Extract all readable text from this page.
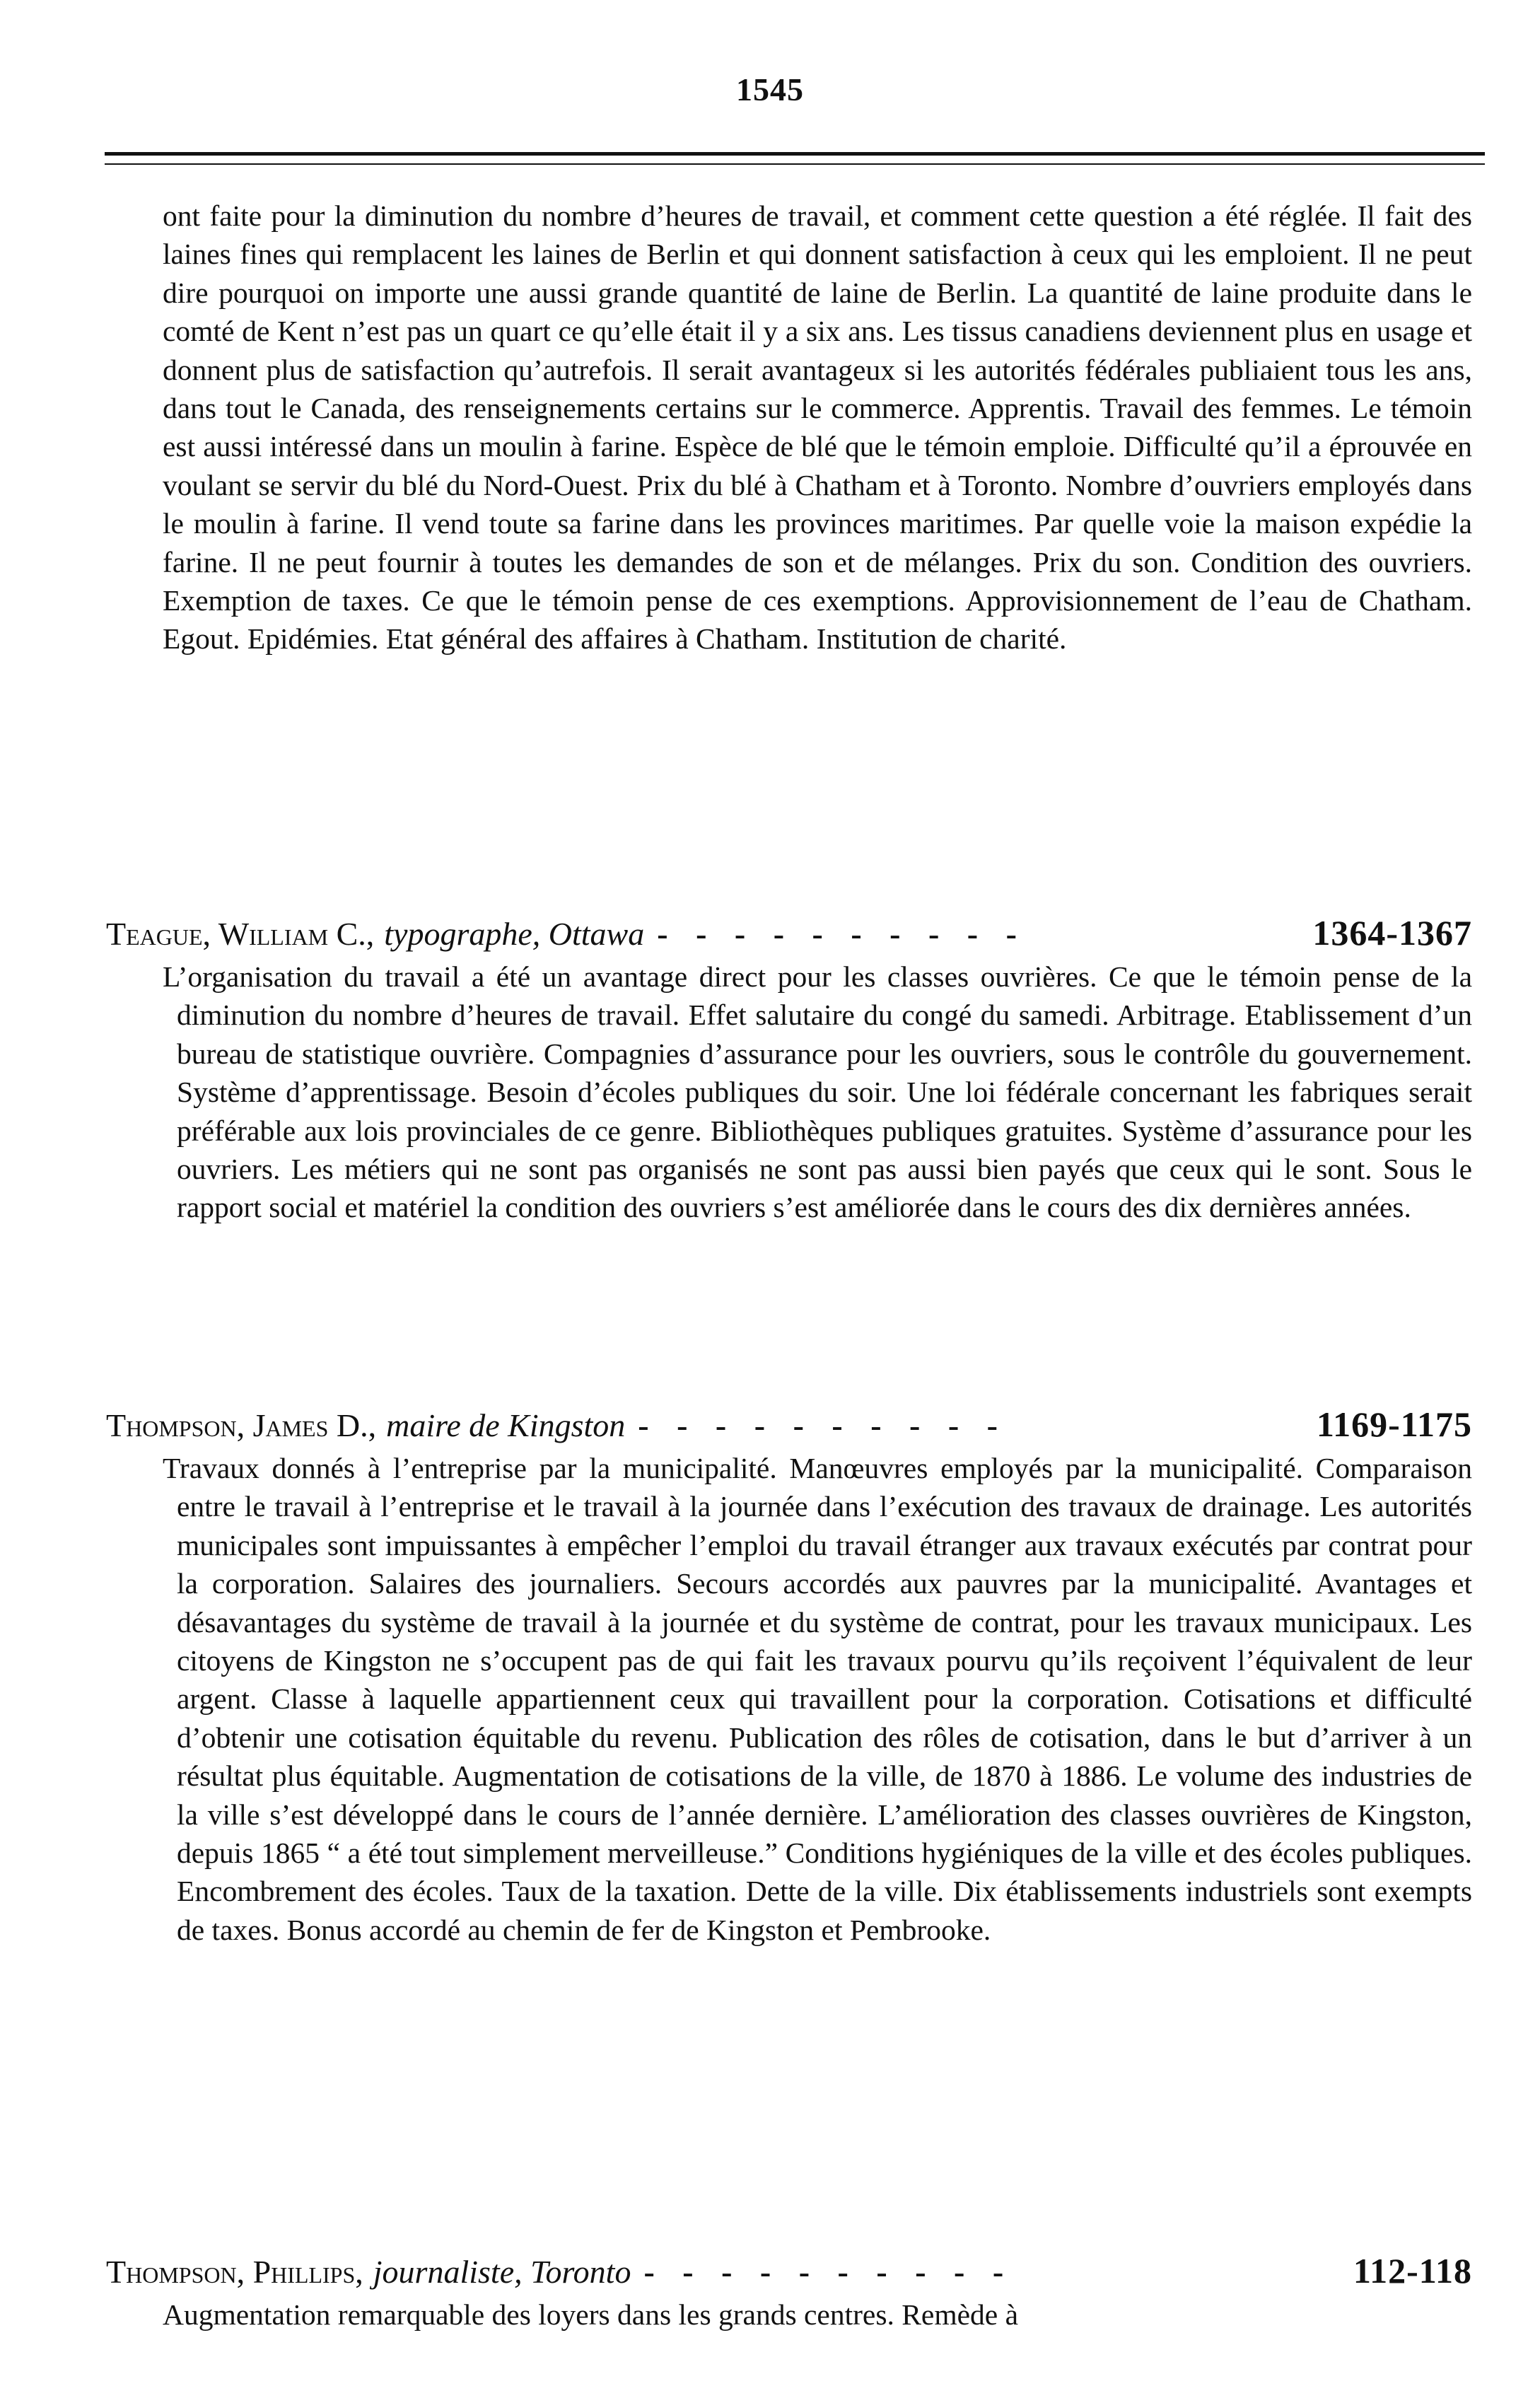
1545
ont faite pour la diminution du nombre d’heures de travail, et comment cette question a été réglée. Il fait des laines fines qui remplacent les laines de Berlin et qui donnent satisfaction à ceux qui les emploient. Il ne peut dire pourquoi on importe une aussi grande quantité de laine de Berlin. La quantité de laine produite dans le comté de Kent n’est pas un quart ce qu’elle était il y a six ans. Les tissus canadiens deviennent plus en usage et donnent plus de satisfaction qu’autrefois. Il serait avantageux si les autorités fédérales publiaient tous les ans, dans tout le Canada, des renseignements certains sur le commerce. Apprentis. Travail des femmes. Le témoin est aussi intéressé dans un moulin à farine. Espèce de blé que le témoin emploie. Difficulté qu’il a éprouvée en voulant se servir du blé du Nord-Ouest. Prix du blé à Chatham et à Toronto. Nombre d’ouvriers employés dans le moulin à farine. Il vend toute sa farine dans les provinces maritimes. Par quelle voie la maison expédie la farine. Il ne peut fournir à toutes les demandes de son et de mélanges. Prix du son. Condition des ouvriers. Exemption de taxes. Ce que le témoin pense de ces exemptions. Approvisionnement de l’eau de Chatham. Egout. Epidémies. Etat général des affaires à Chatham. Institution de charité.
Teague, William C., typographe, Ottawa - - - - - - - - - -	1364-1367
L’organisation du travail a été un avantage direct pour les classes ouvrières. Ce que le témoin pense de la diminution du nombre d’heures de travail. Effet salutaire du congé du samedi. Arbitrage. Etablissement d’un bureau de statistique ouvrière. Compagnies d’assurance pour les ouvriers, sous le contrôle du gouvernement. Système d’apprentissage. Besoin d’écoles publiques du soir. Une loi fédérale concernant les fabriques serait préférable aux lois provinciales de ce genre. Bibliothèques publiques gratuites. Système d’assurance pour les ouvriers. Les métiers qui ne sont pas organisés ne sont pas aussi bien payés que ceux qui le sont. Sous le rapport social et matériel la condition des ouvriers s’est améliorée dans le cours des dix dernières années.
Thompson, James D., maire de Kingston - - - - - - - - - -	1169-1175
Travaux donnés à l’entreprise par la municipalité. Manœuvres employés par la municipalité. Comparaison entre le travail à l’entreprise et le travail à la journée dans l’exécution des travaux de drainage. Les autorités municipales sont impuissantes à empêcher l’emploi du travail étranger aux travaux exécutés par contrat pour la corporation. Salaires des journaliers. Secours accordés aux pauvres par la municipalité. Avantages et désavantages du système de travail à la journée et du système de contrat, pour les travaux municipaux. Les citoyens de Kingston ne s’occupent pas de qui fait les travaux pourvu qu’ils reçoivent l’équivalent de leur argent. Classe à laquelle appartiennent ceux qui travaillent pour la corporation. Cotisations et difficulté d’obtenir une cotisation équitable du revenu. Publication des rôles de cotisation, dans le but d’arriver à un résultat plus équitable. Augmentation de cotisations de la ville, de 1870 à 1886. Le volume des industries de la ville s’est développé dans le cours de l’année dernière. L’amélioration des classes ouvrières de Kingston, depuis 1865 “ a été tout simplement merveilleuse.” Conditions hygiéniques de la ville et des écoles publiques. Encombrement des écoles. Taux de la taxation. Dette de la ville. Dix établissements industriels sont exempts de taxes. Bonus accordé au chemin de fer de Kingston et Pembrooke.
Thompson, Phillips, journaliste, Toronto - - - - - - - - - -	112-118
Augmentation remarquable des loyers dans les grands centres. Remède à
